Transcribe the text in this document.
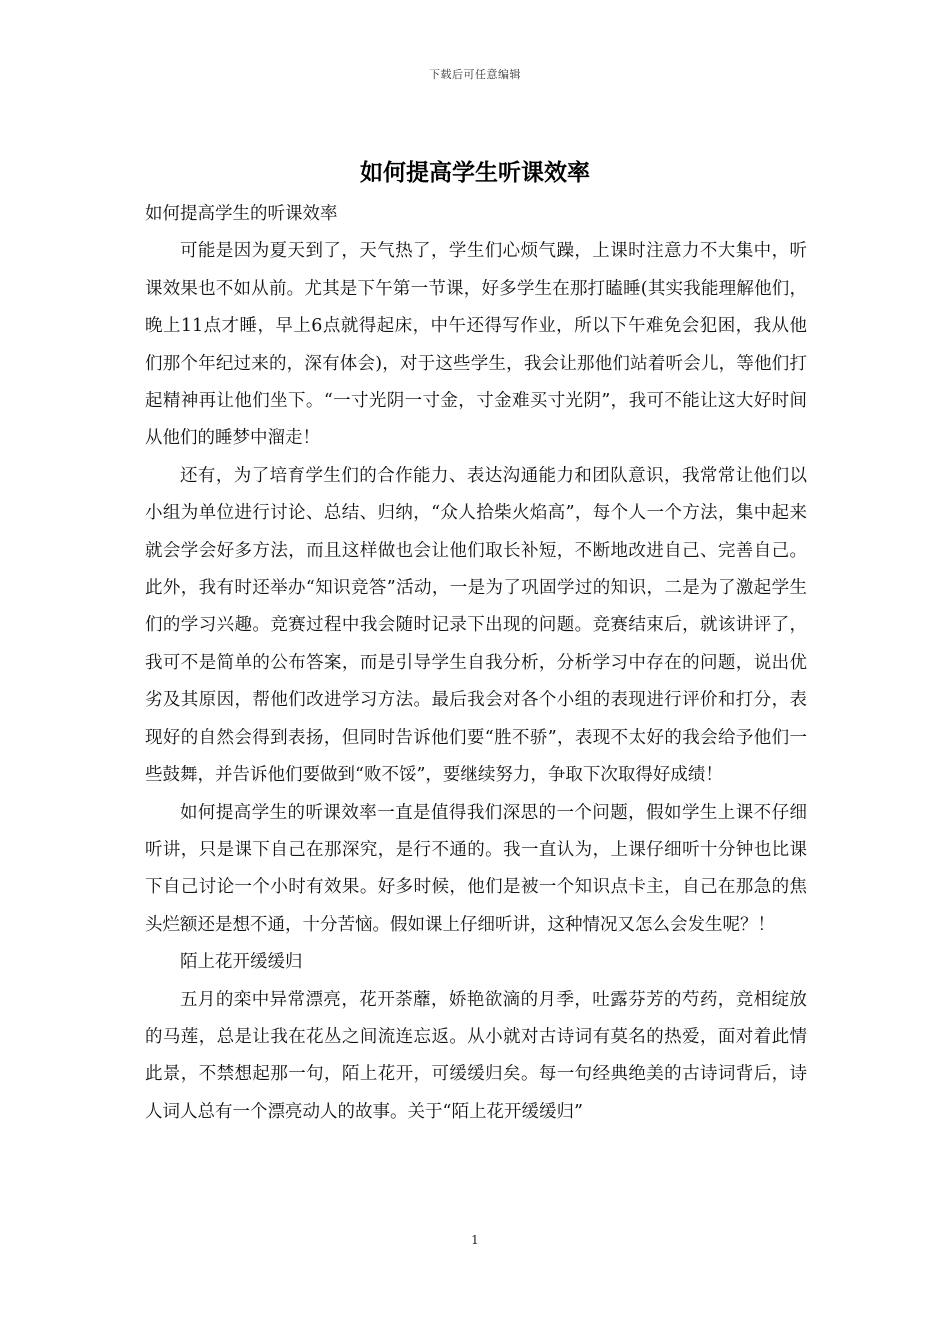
下载后可任意编辑
如何提高学生听课效率

如何提高学生的听课效率

可能是因为夏天到了，天气热了，学生们心烦气躁，上课时注意力不大集中，听课效果也不如从前。尤其是下午第一节课，好多学生在那打瞌睡(其实我能理解他们，晚上11点才睡，早上6点就得起床，中午还得写作业，所以下午难免会犯困，我从他们那个年纪过来的，深有体会)，对于这些学生，我会让那他们站着听会儿，等他们打起精神再让他们坐下。“一寸光阴一寸金，寸金难买寸光阴”，我可不能让这大好时间从他们的睡梦中溜走！

还有，为了培育学生们的合作能力、表达沟通能力和团队意识，我常常让他们以小组为单位进行讨论、总结、归纳，“众人拾柴火焰高”，每个人一个方法，集中起来就会学会好多方法，而且这样做也会让他们取长补短，不断地改进自己、完善自己。此外，我有时还举办“知识竞答”活动，一是为了巩固学过的知识，二是为了激起学生们的学习兴趣。竞赛过程中我会随时记录下出现的问题。竞赛结束后，就该讲评了，我可不是简单的公布答案，而是引导学生自我分析，分析学习中存在的问题，说出优劣及其原因，帮他们改进学习方法。最后我会对各个小组的表现进行评价和打分，表现好的自然会得到表扬，但同时告诉他们要“胜不骄”，表现不太好的我会给予他们一些鼓舞，并告诉他们要做到“败不馁”，要继续努力，争取下次取得好成绩！

如何提高学生的听课效率一直是值得我们深思的一个问题，假如学生上课不仔细听讲，只是课下自己在那深究，是行不通的。我一直认为，上课仔细听十分钟也比课下自己讨论一个小时有效果。好多时候，他们是被一个知识点卡主，自己在那急的焦头烂额还是想不通，十分苦恼。假如课上仔细听讲，这种情况又怎么会发生呢？！

陌上花开缓缓归

五月的栾中异常漂亮，花开荼蘼，娇艳欲滴的月季，吐露芬芳的芍药，竞相绽放的马莲，总是让我在花丛之间流连忘返。从小就对古诗词有莫名的热爱，面对着此情此景，不禁想起那一句，陌上花开，可缓缓归矣。每一句经典绝美的古诗词背后，诗人词人总有一个漂亮动人的故事。关于“陌上花开缓缓归”

1
